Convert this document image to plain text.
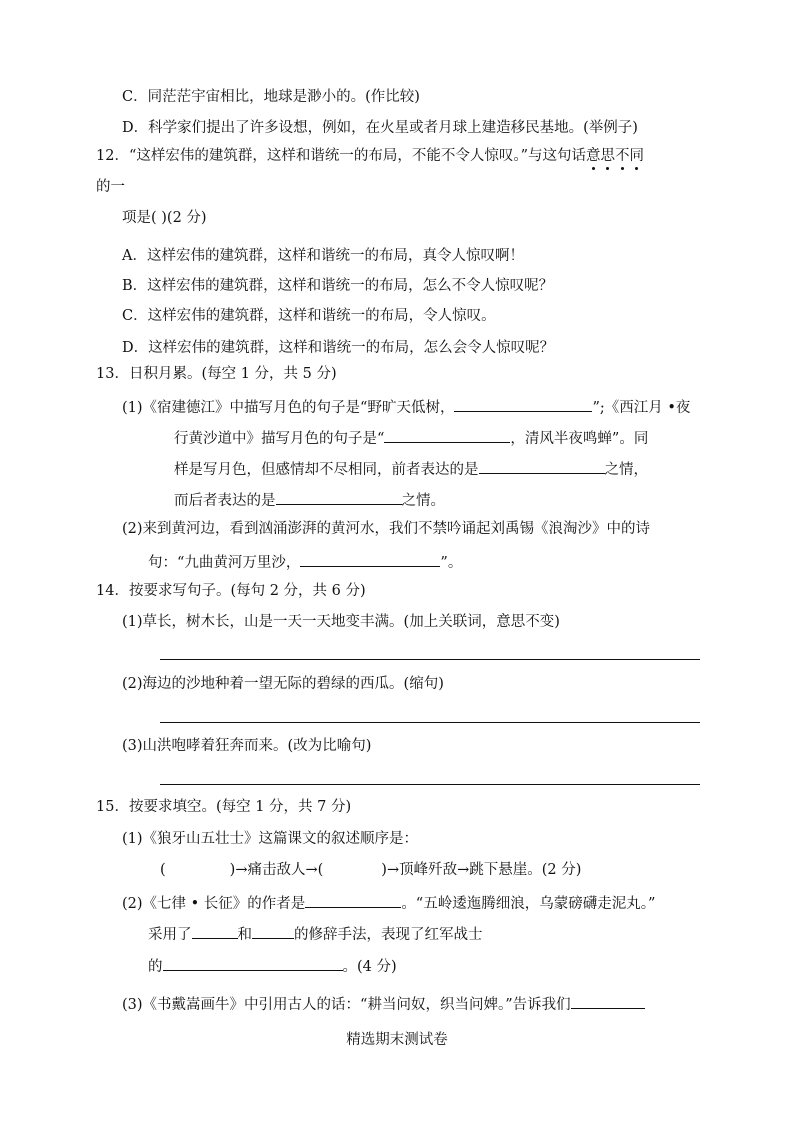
C．同茫茫宇宙相比，地球是渺小的。(作比较)
D．科学家们提出了许多设想，例如，在火星或者月球上建造移民基地。(举例子)
12．“这样宏伟的建筑群，这样和谐统一的布局，不能不令人惊叹。”与这句话意思不同
的一
项是( )(2 分)
A．这样宏伟的建筑群，这样和谐统一的布局，真令人惊叹啊！
B．这样宏伟的建筑群，这样和谐统一的布局，怎么不令人惊叹呢？
C．这样宏伟的建筑群，这样和谐统一的布局，令人惊叹。
D．这样宏伟的建筑群，这样和谐统一的布局，怎么会令人惊叹呢？
13．日积月累。(每空 1 分，共 5 分)
(1)《宿建德江》中描写月色的句子是“野旷天低树，	”;《西江月 •夜
行黄沙道中》描写月色的句子是“	，清风半夜鸣蝉”。同
样是写月色，但感情却不尽相同，前者表达的是	之情，
而后者表达的是	之情。
(2)来到黄河边，看到汹涌澎湃的黄河水，我们不禁吟诵起刘禹锡《浪淘沙》中的诗
句：“九曲黄河万里沙，	”。
14．按要求写句子。(每句 2 分，共 6 分)
(1)草长，树木长，山是一天一天地变丰满。(加上关联词，意思不变)
(2)海边的沙地种着一望无际的碧绿的西瓜。(缩句)
(3)山洪咆哮着狂奔而来。(改为比喻句)
15．按要求填空。(每空 1 分，共 7 分)
(1)《狼牙山五壮士》这篇课文的叙述顺序是：
(	)→痛击敌人→(	)→顶峰歼敌→跳下悬崖。(2 分)
(2)《七律 • 长征》的作者是	。“五岭逶迤腾细浪，乌蒙磅礴走泥丸。”
采用了	和	的修辞手法，表现了红军战士
的	。(4 分)
(3)《书戴嵩画牛》中引用古人的话：“耕当问奴，织当问婢。”告诉我们
精选期末测试卷
